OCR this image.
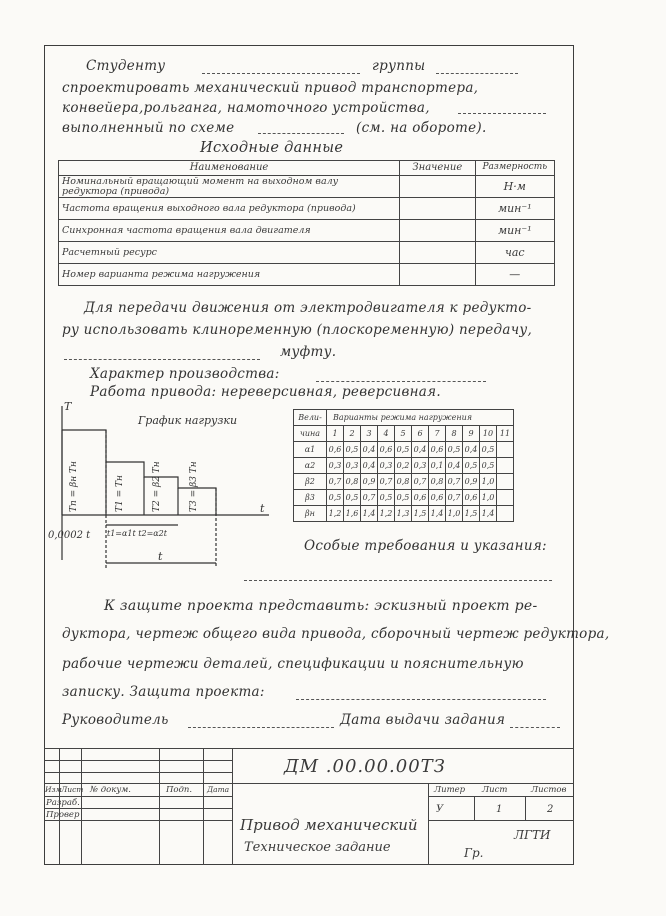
Студенту	группы
спроектировать механический привод транспортера,
конвейера,рольганга, намоточного устройства,
выполненный по схеме	(см. на обороте).
Исходные данные
Наименование	Значение	Размерность
Номинальный вращающий момент на выходном валу редуктора (привода)		Н·м
Частота вращения выходного вала редуктора (привода)		мин⁻¹
Синхронная частота вращения вала двигателя		мин⁻¹
Расчетный ресурс		час
Номер варианта режима нагружения		—
Для передачи движения от электродвигателя к редукто-
ру использовать клиноременную (плоскоременную) передачу,
муфту.
Характер производства:
Работа привода: нереверсивная, реверсивная.
T
t
График нагрузки
Tп = βн Tн	T1 = Tн	T2 = β2 Tн	T3 = β3 Tн
0,0002 t t1=α1t t2=α2t
t
Вели-	Варианты режима нагружения										
чина	1	2	3	4	5	6	7	8	9	10	11
α1	0,6	0,5	0,4	0,6	0,5	0,4	0,6	0,5	0,4	0,5	
α2	0,3	0,3	0,4	0,3	0,2	0,3	0,1	0,4	0,5	0,5	
β2	0,7	0,8	0,9	0,7	0,8	0,7	0,8	0,7	0,9	1,0	
β3	0,5	0,5	0,7	0,5	0,5	0,6	0,6	0,7	0,6	1,0	
βн	1,2	1,6	1,4	1,2	1,3	1,5	1,4	1,0	1,5	1,4	
Особые требования и указания:
К защите проекта представить: эскизный проект ре-
дуктора, чертеж общего вида привода, сборочный чертеж редуктора,
рабочие чертежи деталей, спецификации и пояснительную
записку. Защита проекта:
Руководитель	Дата выдачи задания
ДМ .00.00.00ТЗ
Изм Лист № докум.	Подп. Дата
Разраб.
Провер
Привод механический
Техническое задание
Литер Лист	Листов
У	1	2
ЛГТИ
Гр.
